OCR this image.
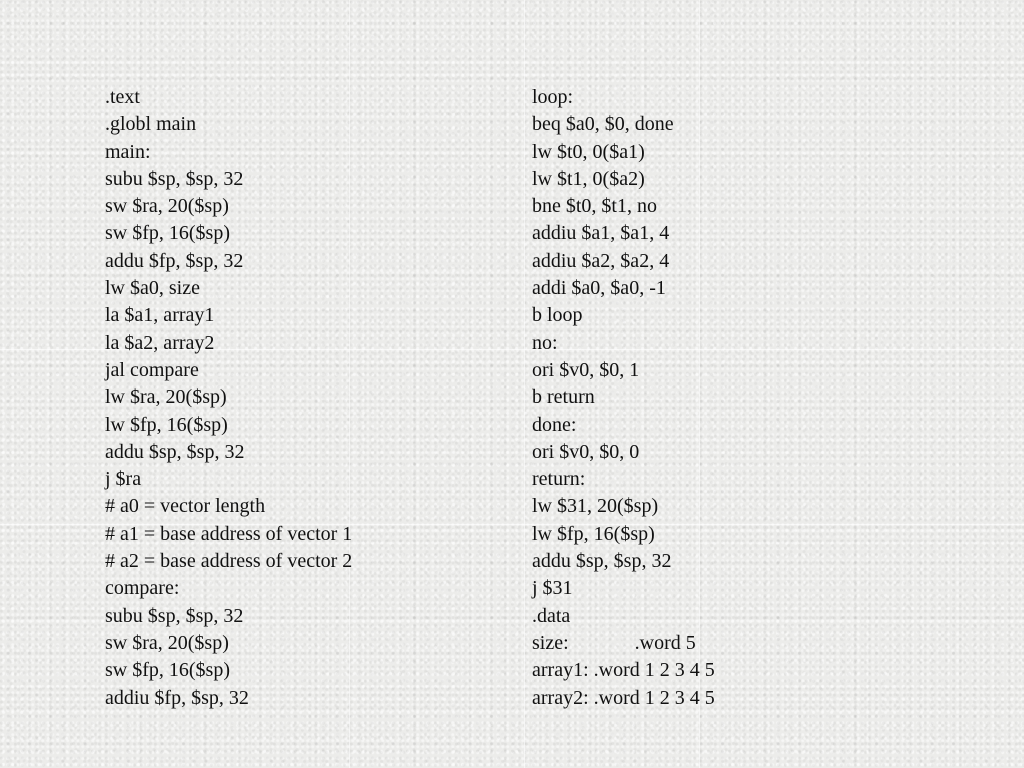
.text
.globl main
main:
subu $sp, $sp, 32
sw $ra, 20($sp)
sw $fp, 16($sp)
addu $fp, $sp, 32
lw $a0, size
la $a1, array1
la $a2, array2
jal compare
lw $ra, 20($sp)
lw $fp, 16($sp)
addu $sp, $sp, 32
j $ra
# a0 = vector length
# a1 = base address of vector 1
# a2 = base address of vector 2
compare:
subu $sp, $sp, 32
sw $ra, 20($sp)
sw $fp, 16($sp)
addiu $fp, $sp, 32
loop:
beq $a0, $0, done
lw $t0, 0($a1)
lw $t1, 0($a2)
bne $t0, $t1, no
addiu $a1, $a1, 4
addiu $a2, $a2, 4
addi $a0, $a0, -1
b loop
no:
ori $v0, $0, 1
b return
done:
ori $v0, $0, 0
return:
lw $31, 20($sp)
lw $fp, 16($sp)
addu $sp, $sp, 32
j $31
.data
size:	.word 5
array1: .word 1 2 3 4 5
array2: .word 1 2 3 4 5
